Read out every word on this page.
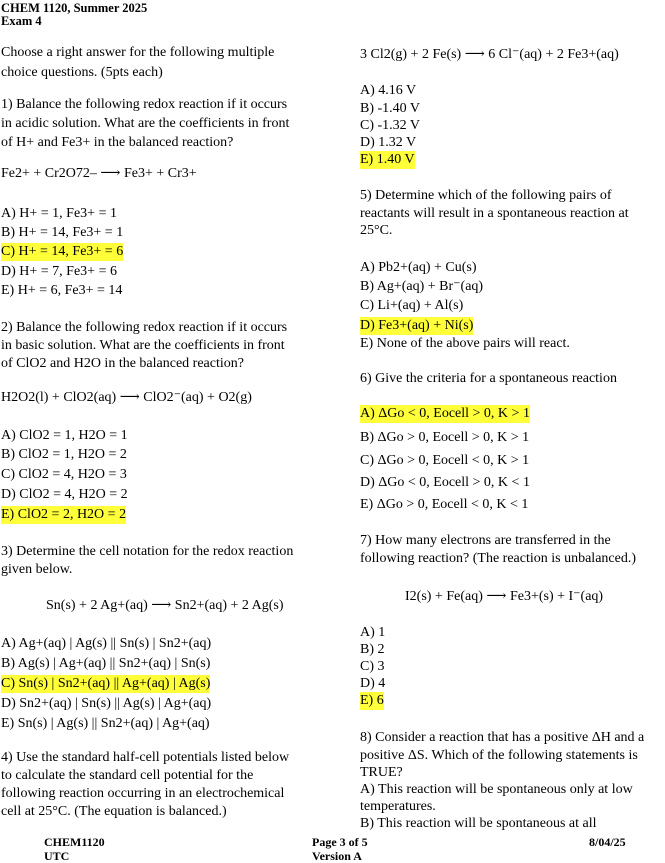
CHEM 1120, Summer 2025
Exam 4
Choose a right answer for the following multiple
choice questions. (5pts each)
1) Balance the following redox reaction if it occurs
in acidic solution. What are the coefficients in front
of H+ and Fe3+ in the balanced reaction?
Fe2+ + Cr2O72– ⟶ Fe3+ + Cr3+
A) H+ = 1, Fe3+ = 1
B) H+ = 14, Fe3+ = 1
C) H+ = 14, Fe3+ = 6
D) H+ = 7, Fe3+ = 6
E) H+ = 6, Fe3+ = 14
2) Balance the following redox reaction if it occurs
in basic solution. What are the coefficients in front
of ClO2 and H2O in the balanced reaction?
H2O2(l) + ClO2(aq) ⟶ ClO2⁻(aq) + O2(g)
A) ClO2 = 1, H2O = 1
B) ClO2 = 1, H2O = 2
C) ClO2 = 4, H2O = 3
D) ClO2 = 4, H2O = 2
E) ClO2 = 2, H2O = 2
3) Determine the cell notation for the redox reaction
given below.
Sn(s) + 2 Ag+(aq) ⟶ Sn2+(aq) + 2 Ag(s)
A) Ag+(aq) | Ag(s) || Sn(s) | Sn2+(aq)
B) Ag(s) | Ag+(aq) || Sn2+(aq) | Sn(s)
C) Sn(s) | Sn2+(aq) || Ag+(aq) | Ag(s)
D) Sn2+(aq) | Sn(s) || Ag(s) | Ag+(aq)
E) Sn(s) | Ag(s) || Sn2+(aq) | Ag+(aq)
4) Use the standard half-cell potentials listed below
to calculate the standard cell potential for the
following reaction occurring in an electrochemical
cell at 25°C. (The equation is balanced.)
3 Cl2(g) + 2 Fe(s) ⟶ 6 Cl⁻(aq) + 2 Fe3+(aq)
A) 4.16 V
B) -1.40 V
C) -1.32 V
D) 1.32 V
E) 1.40 V
5) Determine which of the following pairs of
reactants will result in a spontaneous reaction at
25°C.
A) Pb2+(aq) + Cu(s)
B) Ag+(aq) + Br⁻(aq)
C) Li+(aq) + Al(s)
D) Fe3+(aq) + Ni(s)
E) None of the above pairs will react.
6) Give the criteria for a spontaneous reaction
A) ΔGo < 0, Eocell > 0, K > 1
B) ΔGo > 0, Eocell > 0, K > 1
C) ΔGo > 0, Eocell < 0, K > 1
D) ΔGo < 0, Eocell > 0, K < 1
E) ΔGo > 0, Eocell < 0, K < 1
7) How many electrons are transferred in the
following reaction? (The reaction is unbalanced.)
I2(s) + Fe(aq) ⟶ Fe3+(s) + I⁻(aq)
A) 1
B) 2
C) 3
D) 4
E) 6
8) Consider a reaction that has a positive ΔH and a
positive ΔS. Which of the following statements is
TRUE?
A) This reaction will be spontaneous only at low
temperatures.
B) This reaction will be spontaneous at all
CHEM1120
UTC
Page 3 of 5
Version A
8/04/25
